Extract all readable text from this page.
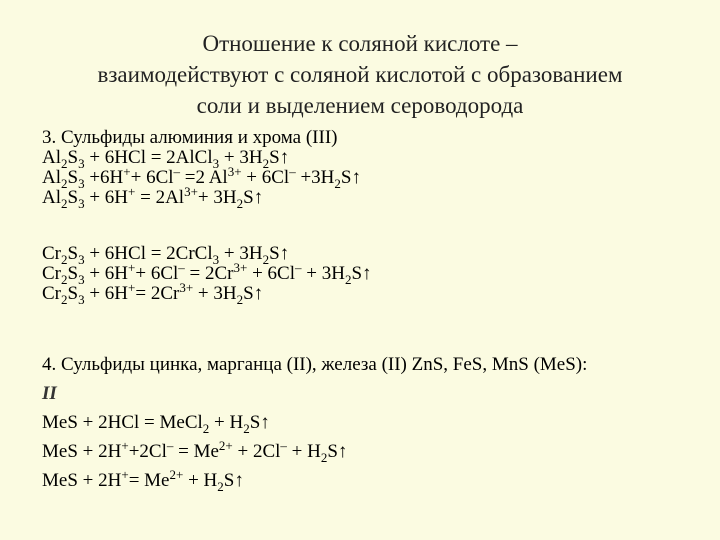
Отношение к соляной кислоте –
взаимодействуют с соляной кислотой с образованием
соли и выделением сероводорода
3. Сульфиды алюминия и хрома (III)
$Al_2S_3 + 6HCl$ = 2AlCl$_3$ + $3H_2S↑$
$Al_2S_3 +6H^++ 6Cl^- =2$ $Al^{3+} + 6Cl^-$ $+3H_2S↑$
$Al_2S_3 + 6H^+ = 2Al^{3+}+$ $3H_2S↑$
$Cr_2S_3 + 6HCl$ = 2CrCl$_3$ + $3H_2S↑$
$Cr_2S_3 + 6H^++ 6Cl^- = 2Cr^{3+} + 6Cl^-$ + $3H_2S↑$
$Cr_2S_3 + 6H^+= 2Cr^{3+}$ + $3H_2S↑$
4. Сульфиды цинка, марганца (II), железа (II) ZnS, FeS, MnS (MeS):
II
MeS + 2HCl = MeCl$_2$ + $H_2S↑$
MeS + $2H^++2Cl^- = Me^{2+} + 2Cl^-$ + $H_2S↑$
MeS + $2H^+= Me^{2+}$ + $H_2S↑$
